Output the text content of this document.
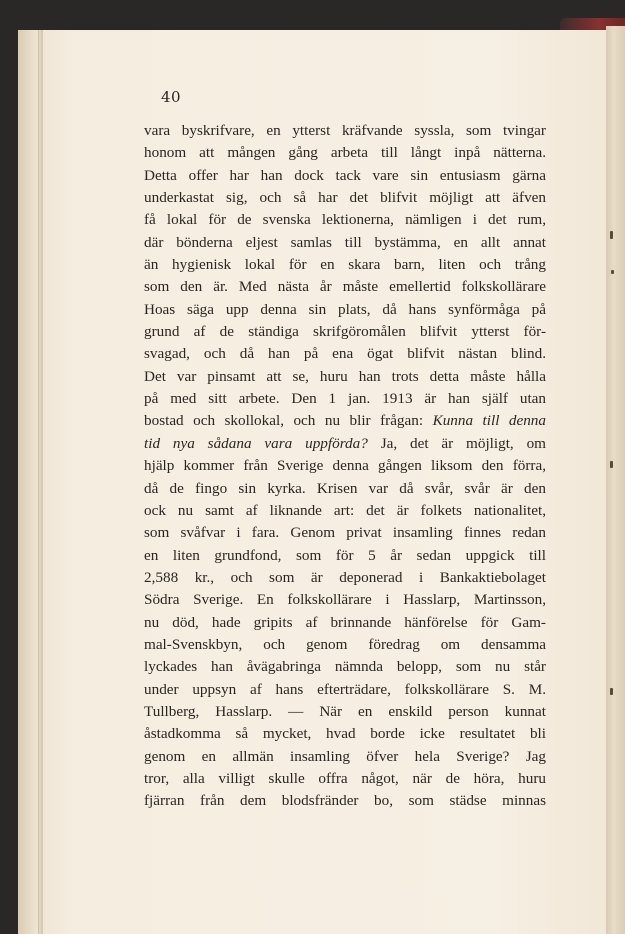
40
vara byskrifvare, en ytterst kräfvande syssla, som tvingar
honom att mången gång arbeta till långt inpå nätterna.
Detta offer har han dock tack vare sin entusiasm gärna
underkastat sig, och så har det blifvit möjligt att äfven
få lokal för de svenska lektionerna, nämligen i det rum,
där bönderna eljest samlas till bystämma, en allt annat
än hygienisk lokal för en skara barn, liten och trång
som den är. Med nästa år måste emellertid folkskollärare
Hoas säga upp denna sin plats, då hans synförmåga på
grund af de ständiga skrifgöromålen blifvit ytterst för-
svagad, och då han på ena ögat blifvit nästan blind.
Det var pinsamt att se, huru han trots detta måste hålla
på med sitt arbete. Den 1 jan. 1913 är han själf utan
bostad och skollokal, och nu blir frågan: Kunna till denna
tid nya sådana vara uppförda? Ja, det är möjligt, om
hjälp kommer från Sverige denna gången liksom den förra,
då de fingo sin kyrka. Krisen var då svår, svår är den
ock nu samt af liknande art: det är folkets nationalitet,
som svåfvar i fara. Genom privat insamling finnes redan
en liten grundfond, som för 5 år sedan uppgick till
2,588 kr., och som är deponerad i Bankaktiebolaget
Södra Sverige. En folkskollärare i Hasslarp, Martinsson,
nu död, hade gripits af brinnande hänförelse för Gam-
mal-Svenskbyn, och genom föredrag om densamma
lyckades han åvägabringa nämnda belopp, som nu står
under uppsyn af hans efterträdare, folkskollärare S. M.
Tullberg, Hasslarp. — När en enskild person kunnat
åstadkomma så mycket, hvad borde icke resultatet bli
genom en allmän insamling öfver hela Sverige? Jag
tror, alla villigt skulle offra något, när de höra, huru
fjärran från dem blodsfränder bo, som städse minnas
